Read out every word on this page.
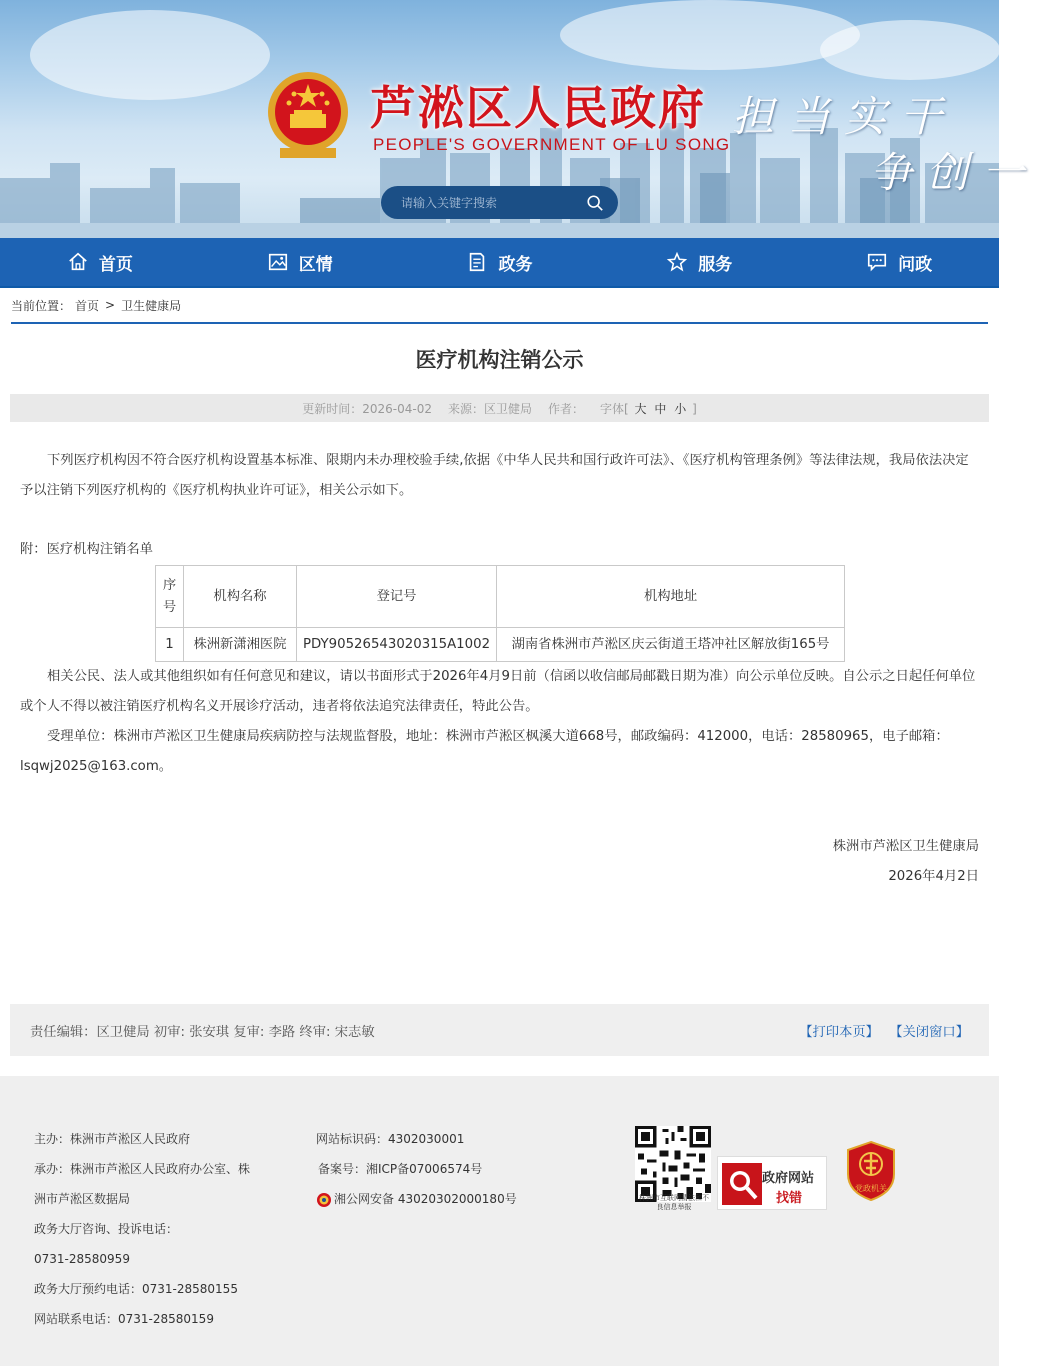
芦淞区人民政府
PEOPLE'S GOVERNMENT OF LU SONG
担当实干
争创一
请输入关键字搜索
首页	区情	政务	服务	问政
当前位置： 首页 > 卫生健康局
医疗机构注销公示
更新时间：2026-04-02 来源：区卫健局 作者： 字体[ 大 中 小 ]

下列医疗机构因不符合医疗机构设置基本标准、限期内未办理校验手续,依据《中华人民共和国行政许可法》、《医疗机构管理条例》等法律法规，我局依法决定予以注销下列医疗机构的《医疗机构执业许可证》，相关公示如下。

附：医疗机构注销名单

序号	机构名称	登记号	机构地址
1	株洲新潇湘医院	PDY90526543020315A1002	湖南省株洲市芦淞区庆云街道王塔冲社区解放街165号

相关公民、法人或其他组织如有任何意见和建议，请以书面形式于2026年4月9日前（信函以收信邮局邮戳日期为准）向公示单位反映。自公示之日起任何单位或个人不得以被注销医疗机构名义开展诊疗活动，违者将依法追究法律责任，特此公告。

受理单位：株洲市芦淞区卫生健康局疾病防控与法规监督股，地址：株洲市芦淞区枫溪大道668号，邮政编码：412000，电话：28580965，电子邮箱：lsqwj2025@163.com。

株洲市芦淞区卫生健康局
2026年4月2日
责任编辑：区卫健局 初审: 张安琪 复审: 李路 终审: 宋志敏	【打印本页】 【关闭窗口】
主办：株洲市芦淞区人民政府
承办：株洲市芦淞区人民政府办公室、株洲市芦淞区数据局
政务大厅咨询、投诉电话：
0731-28580959
政务大厅预约电话：0731-28580155
网站联系电话：0731-28580159
网站标识码：4302030001
备案号：湘ICP备07006574号
湘公网安备 43020302000180号	株洲市互联网清法和不良信息举报
政府网站
找错
党政机关
